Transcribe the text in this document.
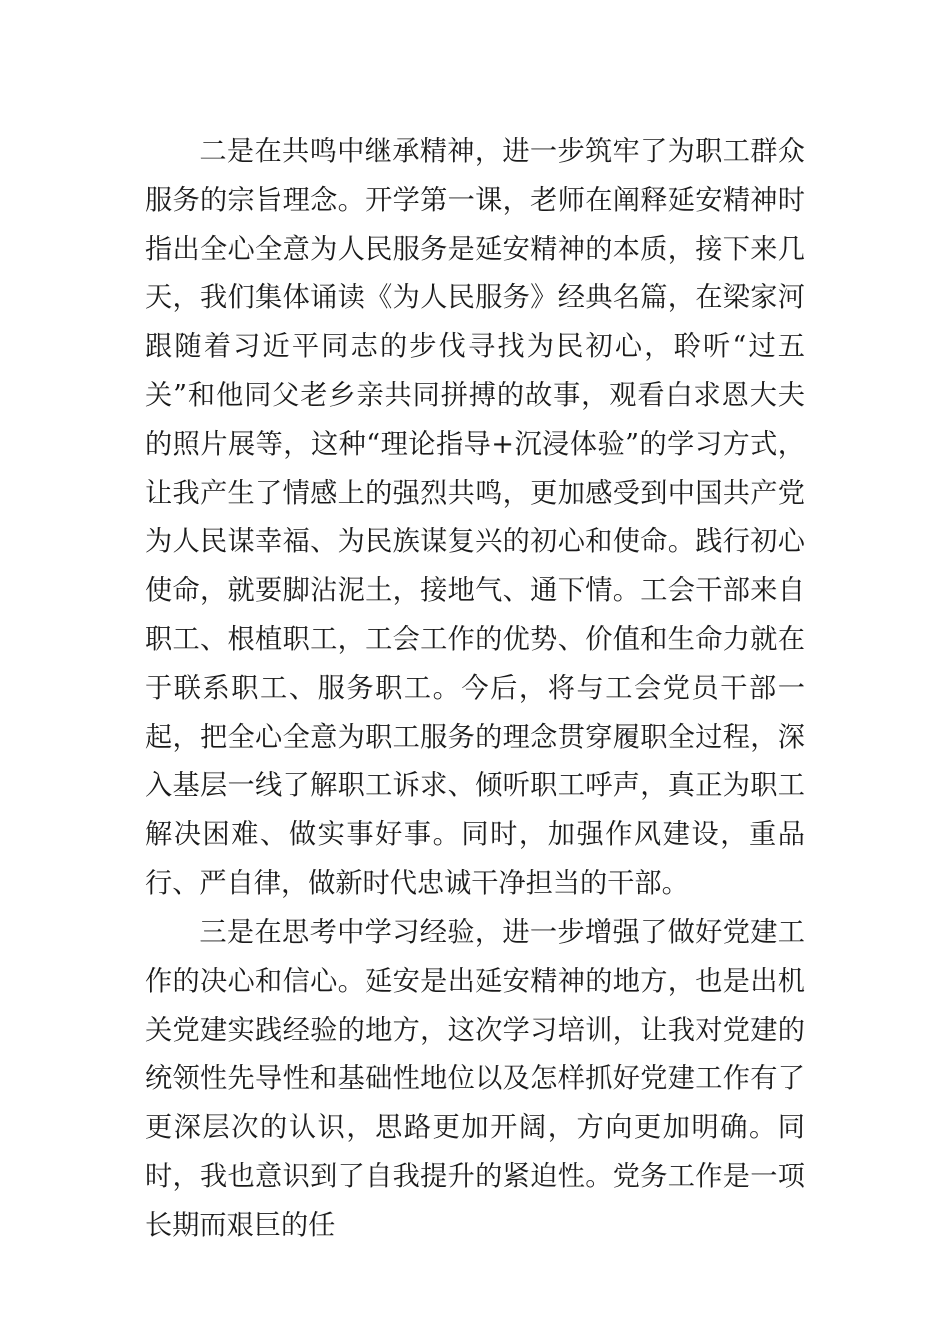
二是在共鸣中继承精神，进一步筑牢了为职工群众服务的宗旨理念。开学第一课，老师在阐释延安精神时指出全心全意为人民服务是延安精神的本质，接下来几天，我们集体诵读《为人民服务》经典名篇，在梁家河跟随着习近平同志的步伐寻找为民初心，聆听“过五关”和他同父老乡亲共同拼搏的故事，观看白求恩大夫的照片展等，这种“理论指导+沉浸体验”的学习方式，让我产生了情感上的强烈共鸣，更加感受到中国共产党为人民谋幸福、为民族谋复兴的初心和使命。践行初心使命，就要脚沾泥土，接地气、通下情。工会干部来自职工、根植职工，工会工作的优势、价值和生命力就在于联系职工、服务职工。今后，将与工会党员干部一起，把全心全意为职工服务的理念贯穿履职全过程，深入基层一线了解职工诉求、倾听职工呼声，真正为职工解决困难、做实事好事。同时，加强作风建设，重品行、严自律，做新时代忠诚干净担当的干部。

三是在思考中学习经验，进一步增强了做好党建工作的决心和信心。延安是出延安精神的地方，也是出机关党建实践经验的地方，这次学习培训，让我对党建的统领性先导性和基础性地位以及怎样抓好党建工作有了更深层次的认识，思路更加开阔，方向更加明确。同时，我也意识到了自我提升的紧迫性。党务工作是一项长期而艰巨的任
